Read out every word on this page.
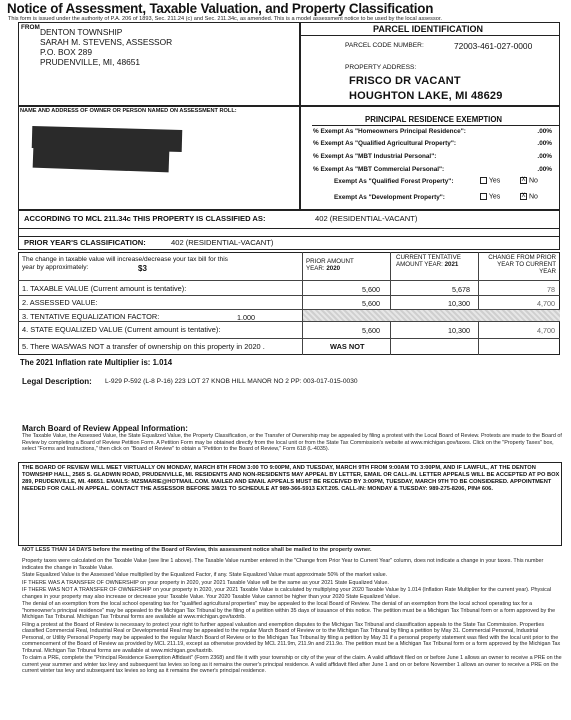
Notice of Assessment, Taxable Valuation, and Property Classification
This form is issued under the authority of P.A. 206 of 1893, Sec. 211.24 (c) and Sec. 211.34c, as amended. This is a model assessment notice to be used by the local assessor.
FROM DENTON TOWNSHIP
SARAH M. STEVENS, ASSESSOR
P.O. BOX 289
PRUDENVILLE, MI, 48651
PARCEL IDENTIFICATION
PARCEL CODE NUMBER:	72003-461-027-0000
PROPERTY ADDRESS:
FRISCO DR VACANT
HOUGHTON LAKE, MI 48629
NAME AND ADDRESS OF OWNER OR PERSON NAMED ON ASSESSMENT ROLL:
PRINCIPAL RESIDENCE EXEMPTION
% Exempt As "Homeowners Principal Residence":	.00%
% Exempt As "Qualified Agricultural Property":	.00%
% Exempt As "MBT Industrial Personal":	.00%
% Exempt As "MBT Commercial Personal":	.00%
Exempt As "Qualified Forest Property":	Yes	X No
Exempt As "Development Property":	Yes	X No
ACCORDING TO MCL 211.34c THIS PROPERTY IS CLASSIFIED AS:	402 (RESIDENTIAL-VACANT)
PRIOR YEAR'S CLASSIFICATION:	402 (RESIDENTIAL-VACANT)
The change in taxable value will increase/decrease your tax bill for this
year by approximately:	$3
PRIOR AMOUNT YEAR: 2020
CURRENT TENTATIVE AMOUNT YEAR: 2021
CHANGE FROM PRIOR YEAR TO CURRENT YEAR
1. TAXABLE VALUE (Current amount is tentative):	5,600	5,678	78
2. ASSESSED VALUE:	5,600	10,300	4,700
3. TENTATIVE EQUALIZATION FACTOR:	1.000
4. STATE EQUALIZED VALUE (Current amount is tentative):	5,600	10,300	4,700
5. There WAS/WAS NOT a transfer of ownership on this property in 2020 .	WAS NOT
The 2021 Inflation rate Multiplier is: 1.014
Legal Description: L-929 P-592 (L-8 P-16) 223 LOT 27 KNOB HILL MANOR NO 2 PP: 003-017-015-0030
March Board of Review Appeal Information:
The Taxable Value, the Assessed Value, the State Equalized Value, the Property Classification, or the Transfer of Ownership may be appealed by filing a protest with the Local Board of Review. Protests are made to the Board of Review by completing a Board of Review Petition Form. A Petition Form may be obtained directly from the local unit or from the State Tax Commission's website at www.michigan.gov/taxes. Click on the "Property Taxes" box, select "Forms and Instructions," then click on "Board of Review" to obtain a "Petition to the Board of Review," Form 618 (L-4035).
THE BOARD OF REVIEW WILL MEET VIRTUALLY ON MONDAY, MARCH 8TH FROM 3:00 TO 9:00PM, AND TUESDAY, MARCH 9TH FROM 9:00AM TO 3:00PM, AND IF LAWFUL, AT THE DENTON TOWNSHIP HALL, 2565 S. GLADWIN ROAD, PRUDENVILLE, MI. RESIDENTS AND NON-RESIDENTS MAY APPEAL BY LETTER, EMAIL OR CALL-IN. LETTER APPEALS WILL BE ACCEPTED AT PO BOX 289, PRUDENVILLE, MI. 48651. EMAILS: MZSMARIE@HOTMAIL.COM. MAILED AND EMAIL APPEALS MUST BE RECEIVED BY 3:00PM, TUESDAY, MARCH 9TH TO BE CONSIDERED. APPOINTMENT NEEDED FOR CALL-IN APPEAL. CONTACT THE ASSESSOR BEFORE 3/8/21 TO SCHEDULE AT 989-366-5913 EXT.205. CALL-IN: MONDAY & TUESDAY: 989-275-8206, PIN# 606.
NOT LESS THAN 14 DAYS before the meeting of the Board of Review, this assessment notice shall be mailed to the property owner.

Property taxes were calculated on the Taxable Value (see line 1 above). The Taxable Value number entered in the "Change from Prior Year to Current Year" column, does not indicate a change in your taxes. This number indicates the change in Taxable Value.

State Equalized Value is the Assessed Value multiplied by the Equalized Factor, if any. State Equalized Value must approximate 50% of the market value.

IF THERE WAS A TRANSFER OF OWNERSHIP on your property in 2020, your 2021 Taxable Value will be the same as your 2021 State Equalized Value.

IF THERE WAS NOT A TRANSFER OF OWNERSHIP on your property in 2020, your 2021 Taxable Value is calculated by multiplying your 2020 Taxable Value by 1.014 (Inflation Rate Multiplier for the current year). Physical changes in your property may also increase or decrease your Taxable Value. Your 2020 Taxable Value cannot be higher than your 2020 State Equalized Value.

The denial of an exemption from the local school operating tax for "qualified agricultural properties" may be appealed to the local Board of Review. The denial of an exemption from the local school operating tax for a "homeowner's principal residence" may be appealed to the Michigan Tax Tribunal by the filing of a petition within 35 days of issuance of this notice. The petition must be a Michigan Tax Tribunal form or a form approved by the Michigan Tax Tribunal. Michigan Tax Tribunal forms are available at www.michigan.gov/taxtrib.

Filing a protest at the Board of Review is necessary to protect your right to further appeal valuation and exemption disputes to the Michigan Tax Tribunal and classification appeals to the State Tax Commission. Properties classified Commercial Real, Industrial Real or Developmental Real may be appealed to the regular March Board of Review or to the Michigan Tax Tribunal by filing a petition by May 31. Commercial Personal, Industrial Personal, or Utility Personal Property may be appealed to the regular March Board of Review or to the Michigan Tax Tribunal by filing a petition by May 31 if a personal property statement was filed with the local unit prior to the commencement of the Board of Review as provided by MCL 211.19, except as otherwise provided by MCL 211.9m, 211.9n and 211.9o. The petition must be a Michigan Tax Tribunal form or a form approved by the Michigan Tax Tribunal. Michigan Tax Tribunal forms are available at www.michigan.gov/taxtrib.

To claim a PRE, complete the "Principal Residence Exemption Affidavit" (Form 2368) and file it with your township or city of the year of the claim. A valid affidavit filed on or before June 1 allows an owner to receive a PRE on the current year summer and winter tax levy and subsequent tax levies so long as it remains the owner's principal residence. A valid affidavit filed after June 1 and on or before November 1 allows an owner to receive a PRE on the current winter tax levy and subsequent tax levies so long as it remains the owner's principal residence.
